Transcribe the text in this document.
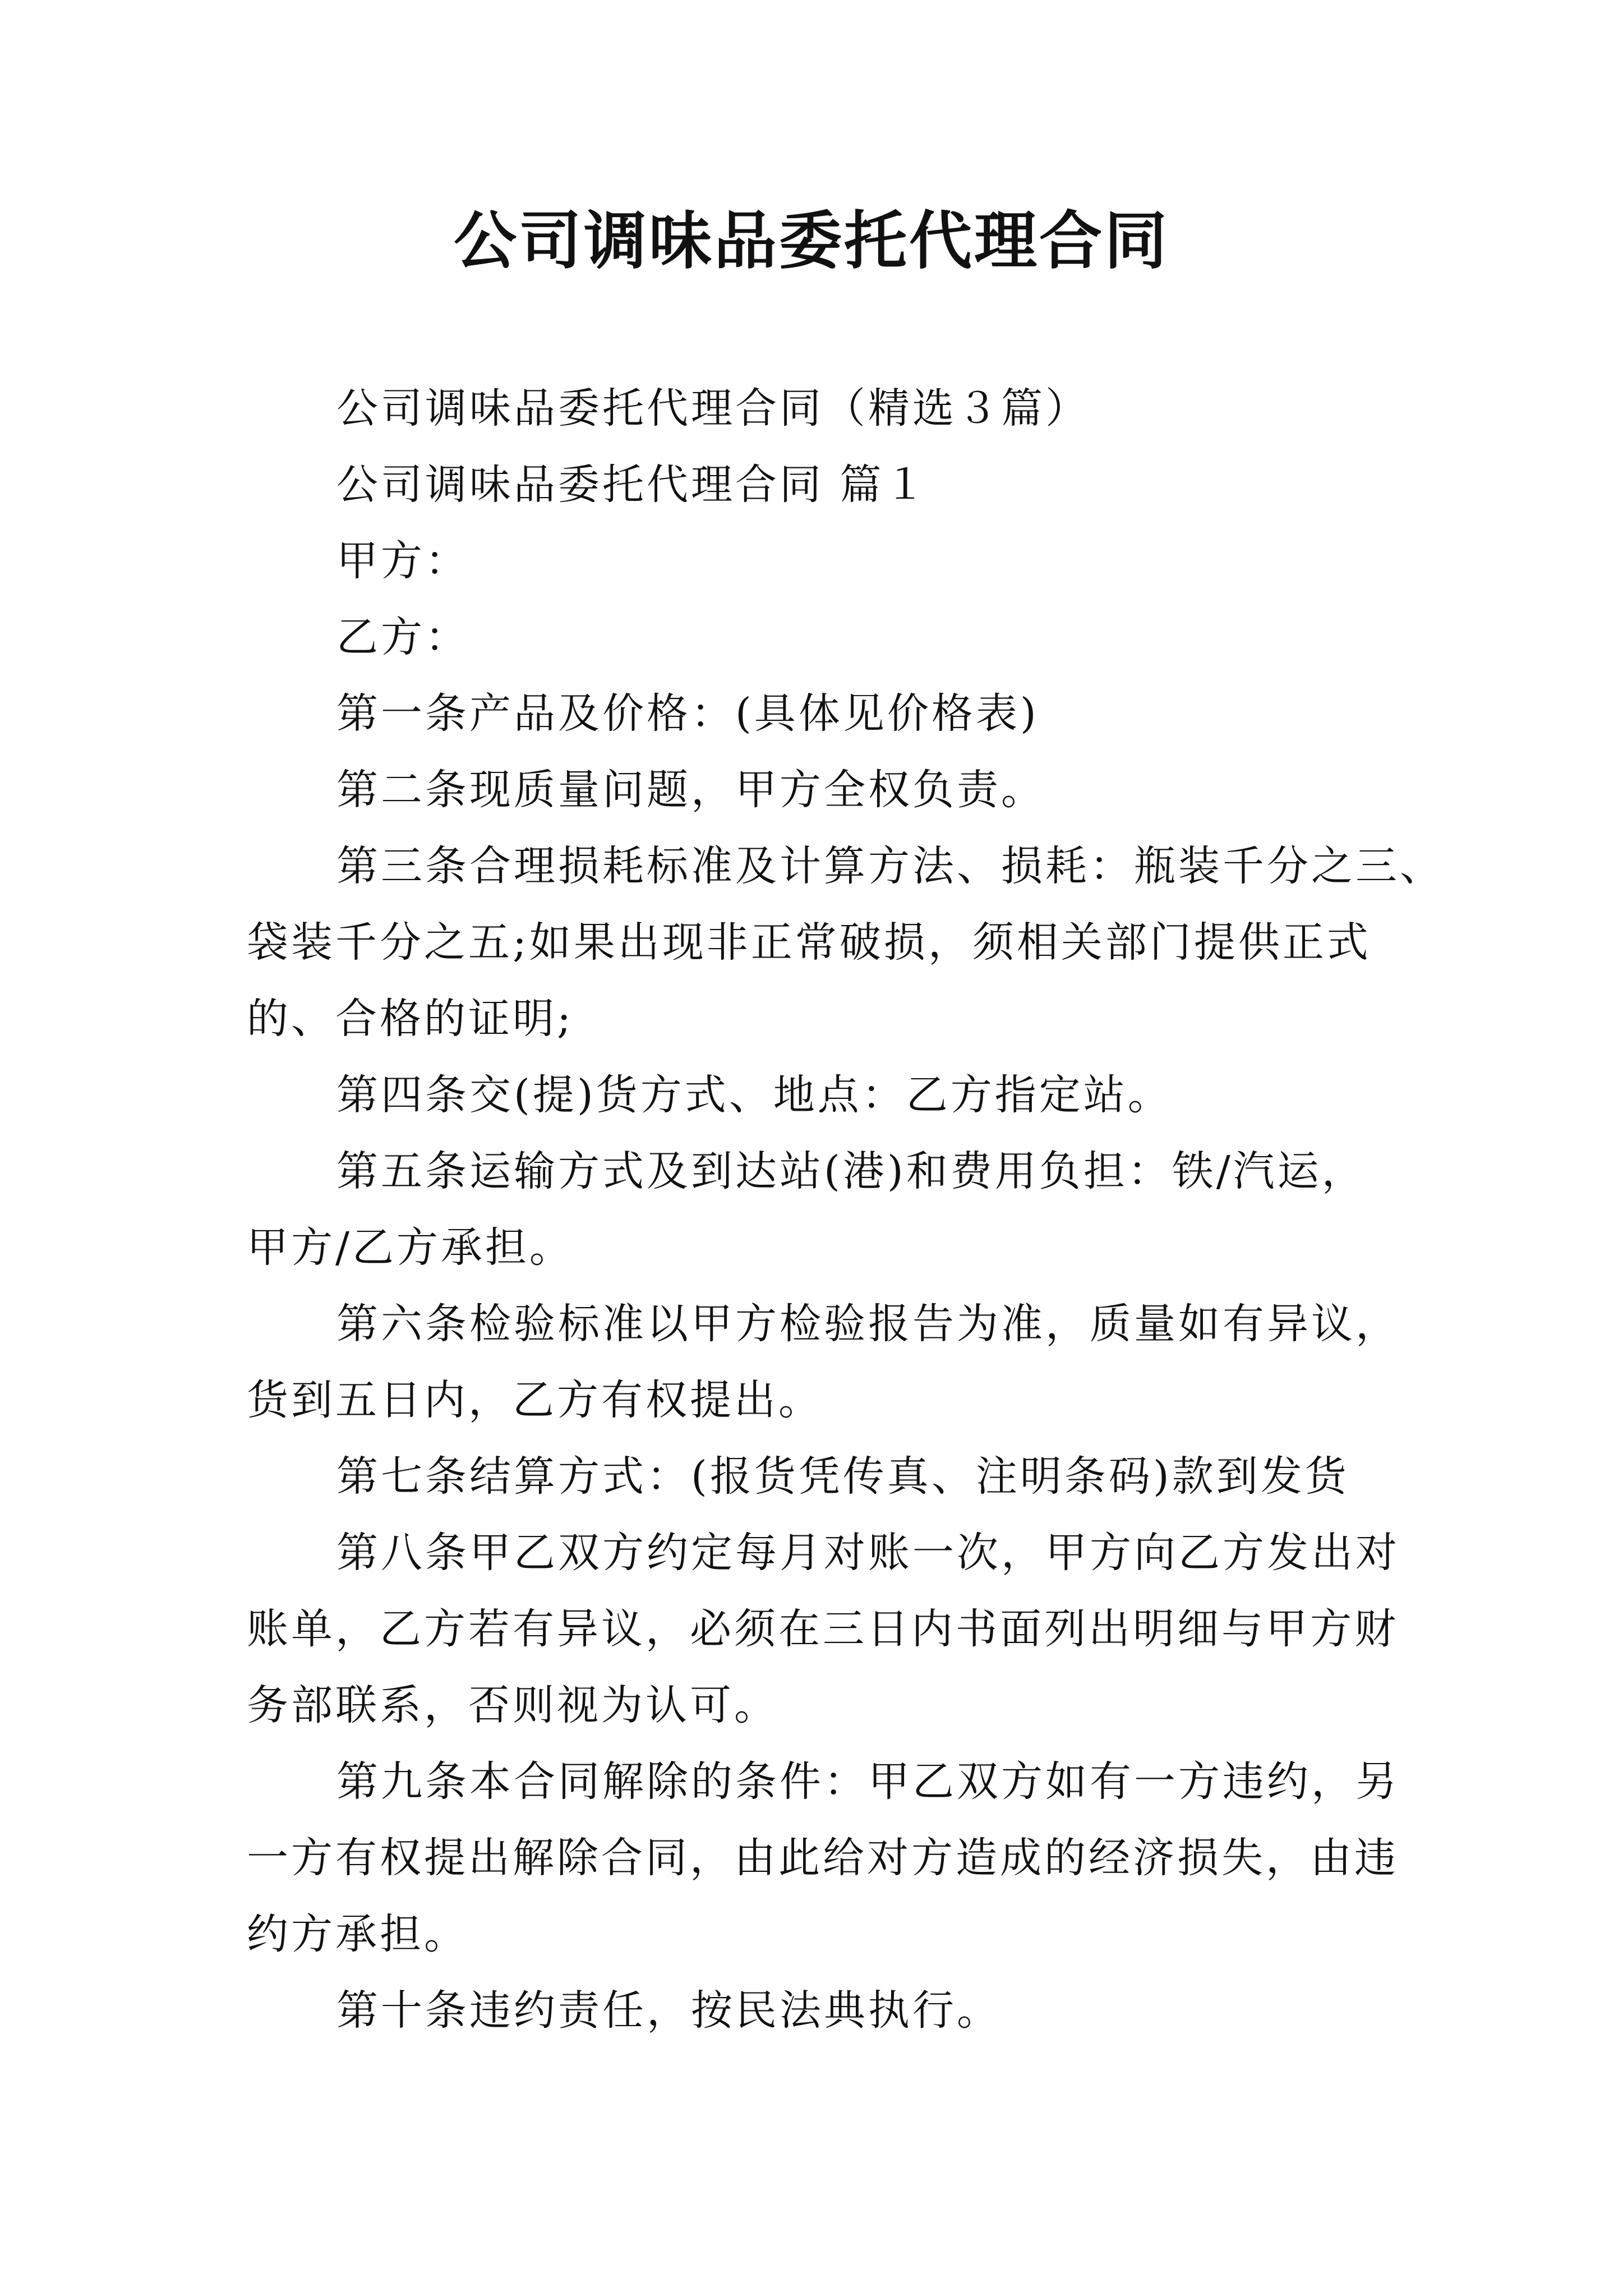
公司调味品委托代理合同

公司调味品委托代理合同（精选３篇）

公司调味品委托代理合同 篇１

甲方：

乙方：

第一条产品及价格：(具体见价格表)

第二条现质量问题，甲方全权负责。

第三条合理损耗标准及计算方法、损耗：瓶装千分之三、
袋装千分之五;如果出现非正常破损，须相关部门提供正式
的、合格的证明;

第四条交(提)货方式、地点：乙方指定站。

第五条运输方式及到达站(港)和费用负担：铁/汽运，
甲方/乙方承担。

第六条检验标准以甲方检验报告为准，质量如有异议，
货到五日内，乙方有权提出。

第七条结算方式：(报货凭传真、注明条码)款到发货

第八条甲乙双方约定每月对账一次，甲方向乙方发出对
账单，乙方若有异议，必须在三日内书面列出明细与甲方财
务部联系，否则视为认可。

第九条本合同解除的条件：甲乙双方如有一方违约，另
一方有权提出解除合同，由此给对方造成的经济损失，由违
约方承担。

第十条违约责任，按民法典执行。
